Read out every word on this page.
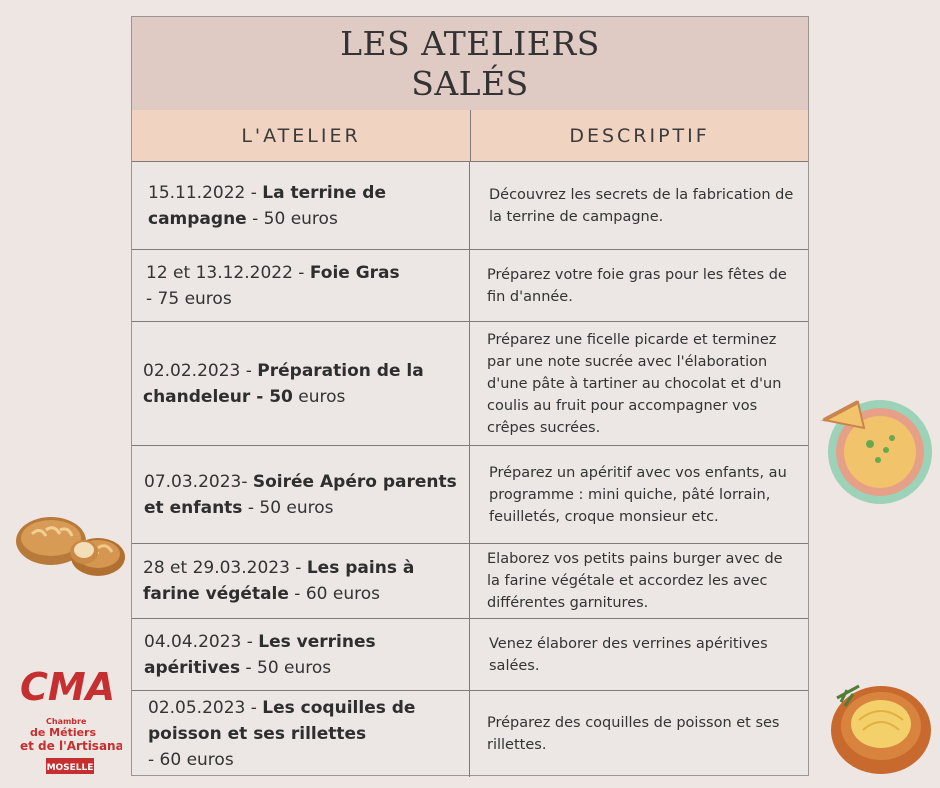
LES ATELIERS
SALÉS
L'ATELIER	DESCRIPTIF
15.11.2022 - La terrine de campagne - 50 euros
Découvrez les secrets de la fabrication de la terrine de campagne.
12 et 13.12.2022 - Foie Gras
- 75 euros
Préparez votre foie gras pour les fêtes de fin d'année.
02.02.2023 - Préparation de la chandeleur - 50 euros
Préparez une ficelle picarde et terminez par une note sucrée avec l'élaboration d'une pâte à tartiner au chocolat et d'un coulis au fruit pour accompagner vos crêpes sucrées.
07.03.2023- Soirée Apéro parents et enfants - 50 euros
Préparez un apéritif avec vos enfants, au programme : mini quiche, pâté lorrain, feuilletés, croque monsieur etc.
28 et 29.03.2023 - Les pains à farine végétale - 60 euros
Elaborez vos petits pains burger avec de la farine végétale et accordez les avec différentes garnitures.
04.04.2023 - Les verrines apéritives - 50 euros
Venez élaborer des verrines apéritives salées.
02.05.2023 - Les coquilles de poisson et ses rillettes
- 60 euros
Préparez des coquilles de poisson et ses rillettes.
CMA
Chambre
de Métiers
et de l'Artisanat
MOSELLE
